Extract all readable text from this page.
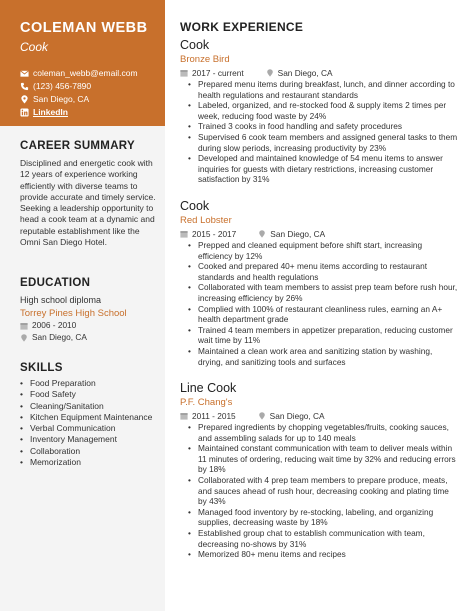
COLEMAN WEBB
Cook
coleman_webb@email.com
(123) 456-7890
San Diego, CA
LinkedIn
CAREER SUMMARY
Disciplined and energetic cook with 12 years of experience working efficiently with diverse teams to provide accurate and timely service. Seeking a leadership opportunity to head a cook team at a dynamic and reputable establishment like the Omni San Diego Hotel.
EDUCATION
High school diploma
Torrey Pines High School
2006 - 2010
San Diego, CA
SKILLS
• Food Preparation
• Food Safety
• Cleaning/Sanitation
• Kitchen Equipment Maintenance
• Verbal Communication
• Inventory Management
• Collaboration
• Memorization
WORK EXPERIENCE
Cook
Bronze Bird
2017 - current	San Diego, CA
• Prepared menu items during breakfast, lunch, and dinner according to health regulations and restaurant standards
• Labeled, organized, and re-stocked food & supply items 2 times per week, reducing food waste by 24%
• Trained 3 cooks in food handling and safety procedures
• Supervised 6 cook team members and assigned general tasks to them during slow periods, increasing productivity by 23%
• Developed and maintained knowledge of 54 menu items to answer inquiries for guests with dietary restrictions, increasing customer satisfaction by 31%
Cook
Red Lobster
2015 - 2017	San Diego, CA
• Prepped and cleaned equipment before shift start, increasing efficiency by 12%
• Cooked and prepared 40+ menu items according to restaurant standards and health regulations
• Collaborated with team members to assist prep team before rush hour, increasing efficiency by 26%
• Complied with 100% of restaurant cleanliness rules, earning an A+ health department grade
• Trained 4 team members in appetizer preparation, reducing customer wait time by 11%
• Maintained a clean work area and sanitizing station by washing, drying, and sanitizing tools and surfaces
Line Cook
P.F. Chang's
2011 - 2015	San Diego, CA
• Prepared ingredients by chopping vegetables/fruits, cooking sauces, and assembling salads for up to 140 meals
• Maintained constant communication with team to deliver meals within 11 minutes of ordering, reducing wait time by 32% and reducing errors by 18%
• Collaborated with 4 prep team members to prepare produce, meats, and sauces ahead of rush hour, decreasing cooking and plating time by 43%
• Managed food inventory by re-stocking, labeling, and organizing supplies, decreasing waste by 18%
• Established group chat to establish communication with team, decreasing no-shows by 31%
• Memorized 80+ menu items and recipes
